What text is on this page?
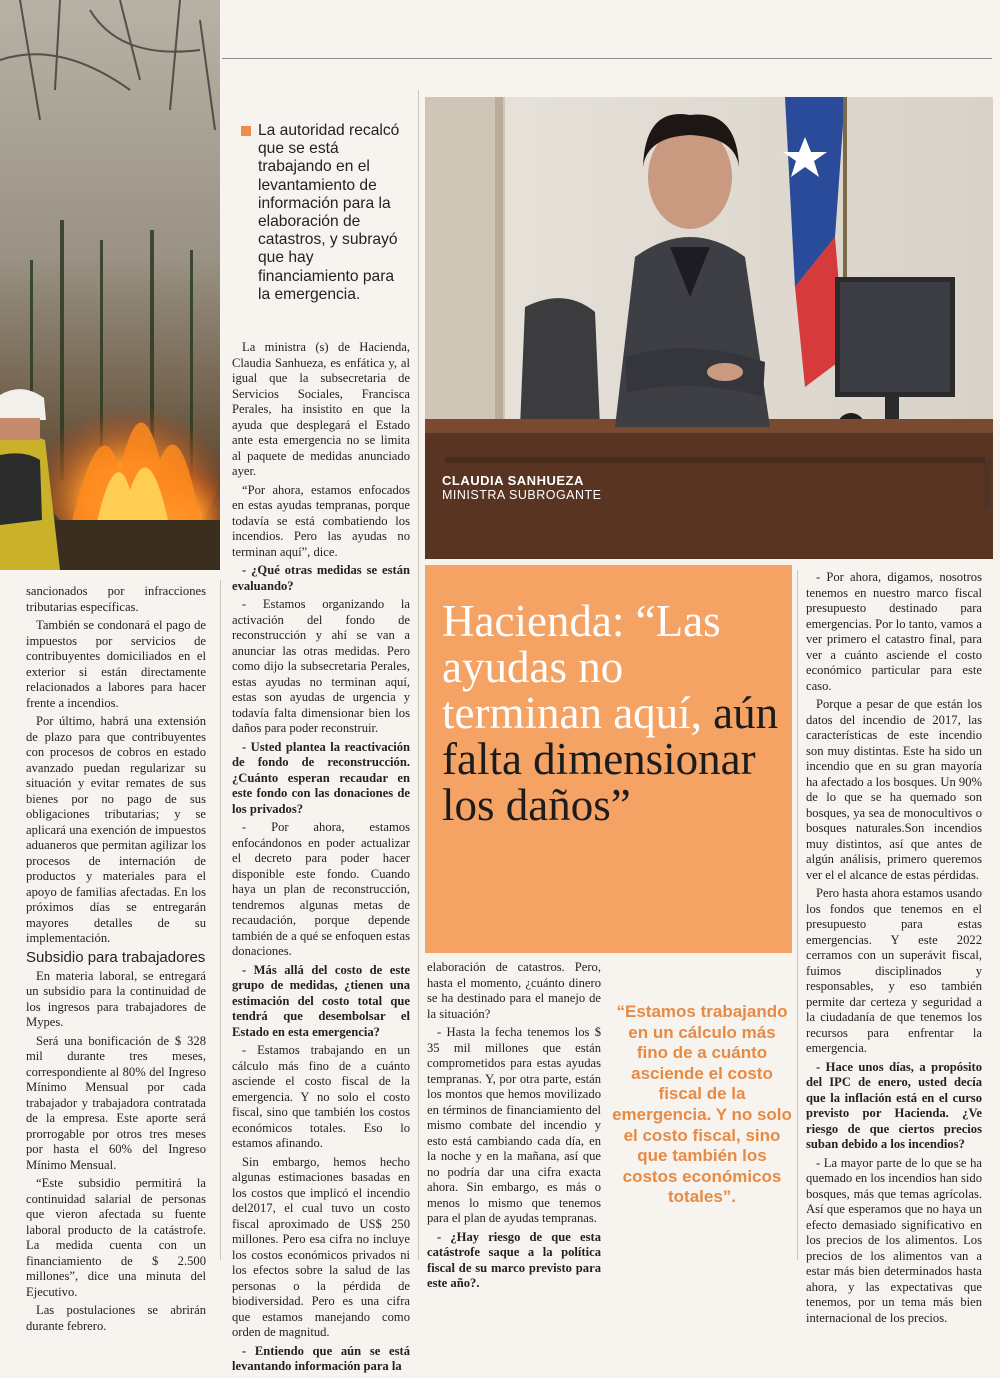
CLAUDIA SANHUEZA
MINISTRA SUBROGANTE	VERÓNICA ORTIZ
La autoridad recalcó que se está trabajando en el levantamiento de información para la elaboración de catastros, y subrayó que hay financiamiento para la emergencia.

sancionados por infracciones tributarias específicas.

También se condonará el pago de impuestos por servicios de contribuyentes domiciliados en el exterior si están directamente relacionados a labores para hacer frente a incendios.

Por último, habrá una extensión de plazo para que contribuyentes con procesos de cobros en estado avanzado puedan regularizar su situación y evitar remates de sus bienes por no pago de sus obligaciones tributarias; y se aplicará una exención de impuestos aduaneros que permitan agilizar los procesos de internación de productos y materiales para el apoyo de familias afectadas. En los próximos días se entregarán mayores detalles de su implementación.

Subsidio para trabajadores

En materia laboral, se entregará un subsidio para la continuidad de los ingresos para trabajadores de Mypes.

Será una bonificación de $ 328 mil durante tres meses, correspondiente al 80% del Ingreso Mínimo Mensual por cada trabajador y trabajadora contratada de la empresa. Este aporte será prorrogable por otros tres meses por hasta el 60% del Ingreso Mínimo Mensual.

“Este subsidio permitirá la continuidad salarial de personas que vieron afectada su fuente laboral producto de la catástrofe. La medida cuenta con un financiamiento de $ 2.500 millones”, dice una minuta del Ejecutivo.

Las postulaciones se abrirán durante febrero.

La ministra (s) de Hacienda, Claudia Sanhueza, es enfática y, al igual que la subsecretaria de Servicios Sociales, Francisca Perales, ha insistito en que la ayuda que desplegará el Estado ante esta emergencia no se limita al paquete de medidas anunciado ayer.

“Por ahora, estamos enfocados en estas ayudas tempranas, porque todavía se está combatiendo los incendios. Pero las ayudas no terminan aquí”, dice.

- ¿Qué otras medidas se están evaluando?

- Estamos organizando la activación del fondo de reconstrucción y ahí se van a anunciar las otras medidas. Pero como dijo la subsecretaria Perales, estas ayudas no terminan aquí, estas son ayudas de urgencia y todavía falta dimensionar bien los daños para poder reconstruir.

- Usted plantea la reactivación de fondo de reconstrucción. ¿Cuánto esperan recaudar en este fondo con las donaciones de los privados?

- Por ahora, estamos enfocándonos en poder actualizar el decreto para poder hacer disponible este fondo. Cuando haya un plan de reconstrucción, tendremos algunas metas de recaudación, porque depende también de a qué se enfoquen estas donaciones.

- Más allá del costo de este grupo de medidas, ¿tienen una estimación del costo total que tendrá que desembolsar el Estado en esta emergencia?

- Estamos trabajando en un cálculo más fino de a cuánto asciende el costo fiscal de la emergencia. Y no solo el costo fiscal, sino que también los costos económicos totales. Eso lo estamos afinando.

Sin embargo, hemos hecho algunas estimaciones basadas en los costos que implicó el incendio del2017, el cual tuvo un costo fiscal aproximado de US$ 250 millones. Pero esa cifra no incluye los costos económicos privados ni los efectos sobre la salud de las personas o la pérdida de biodiversidad. Pero es una cifra que estamos manejando como orden de magnitud.

- Entiendo que aún se está levantando información para la

Hacienda: “Las ayudas no terminan aquí, aún falta dimensionar los daños”

elaboración de catastros. Pero, hasta el momento, ¿cuánto dinero se ha destinado para el manejo de la situación?

- Hasta la fecha tenemos los $ 35 mil millones que están comprometidos para estas ayudas tempranas. Y, por otra parte, están los montos que hemos movilizado en términos de financiamiento del mismo combate del incendio y esto está cambiando cada día, en la noche y en la mañana, así que no podría dar una cifra exacta ahora. Sin embargo, es más o menos lo mismo que tenemos para el plan de ayudas tempranas.

- ¿Hay riesgo de que esta catástrofe saque a la política fiscal de su marco previsto para este año?.

“Estamos trabajando en un cálculo más fino de a cuánto asciende el costo fiscal de la emergencia. Y no solo el costo fiscal, sino que también los costos económicos totales”.

- Por ahora, digamos, nosotros tenemos en nuestro marco fiscal presupuesto destinado para emergencias. Por lo tanto, vamos a ver primero el catastro final, para ver a cuánto asciende el costo económico particular para este caso.

Porque a pesar de que están los datos del incendio de 2017, las características de este incendio son muy distintas. Este ha sido un incendio que en su gran mayoría ha afectado a los bosques. Un 90% de lo que se ha quemado son bosques, ya sea de monocultivos o bosques naturales.Son incendios muy distintos, así que antes de algún análisis, primero queremos ver el el alcance de estas pérdidas.

Pero hasta ahora estamos usando los fondos que tenemos en el presupuesto para estas emergencias. Y este 2022 cerramos con un superávit fiscal, fuimos disciplinados y responsables, y eso también permite dar certeza y seguridad a la ciudadanía de que tenemos los recursos para enfrentar la emergencia.

- Hace unos días, a propósito del IPC de enero, usted decía que la inflación está en el curso previsto por Hacienda. ¿Ve riesgo de que ciertos precios suban debido a los incendios?

- La mayor parte de lo que se ha quemado en los incendios han sido bosques, más que temas agrícolas. Así que esperamos que no haya un efecto demasiado significativo en los precios de los alimentos. Los precios de los alimentos van a estar más bien determinados hasta ahora, y las expectativas que tenemos, por un tema más bien internacional de los precios.
